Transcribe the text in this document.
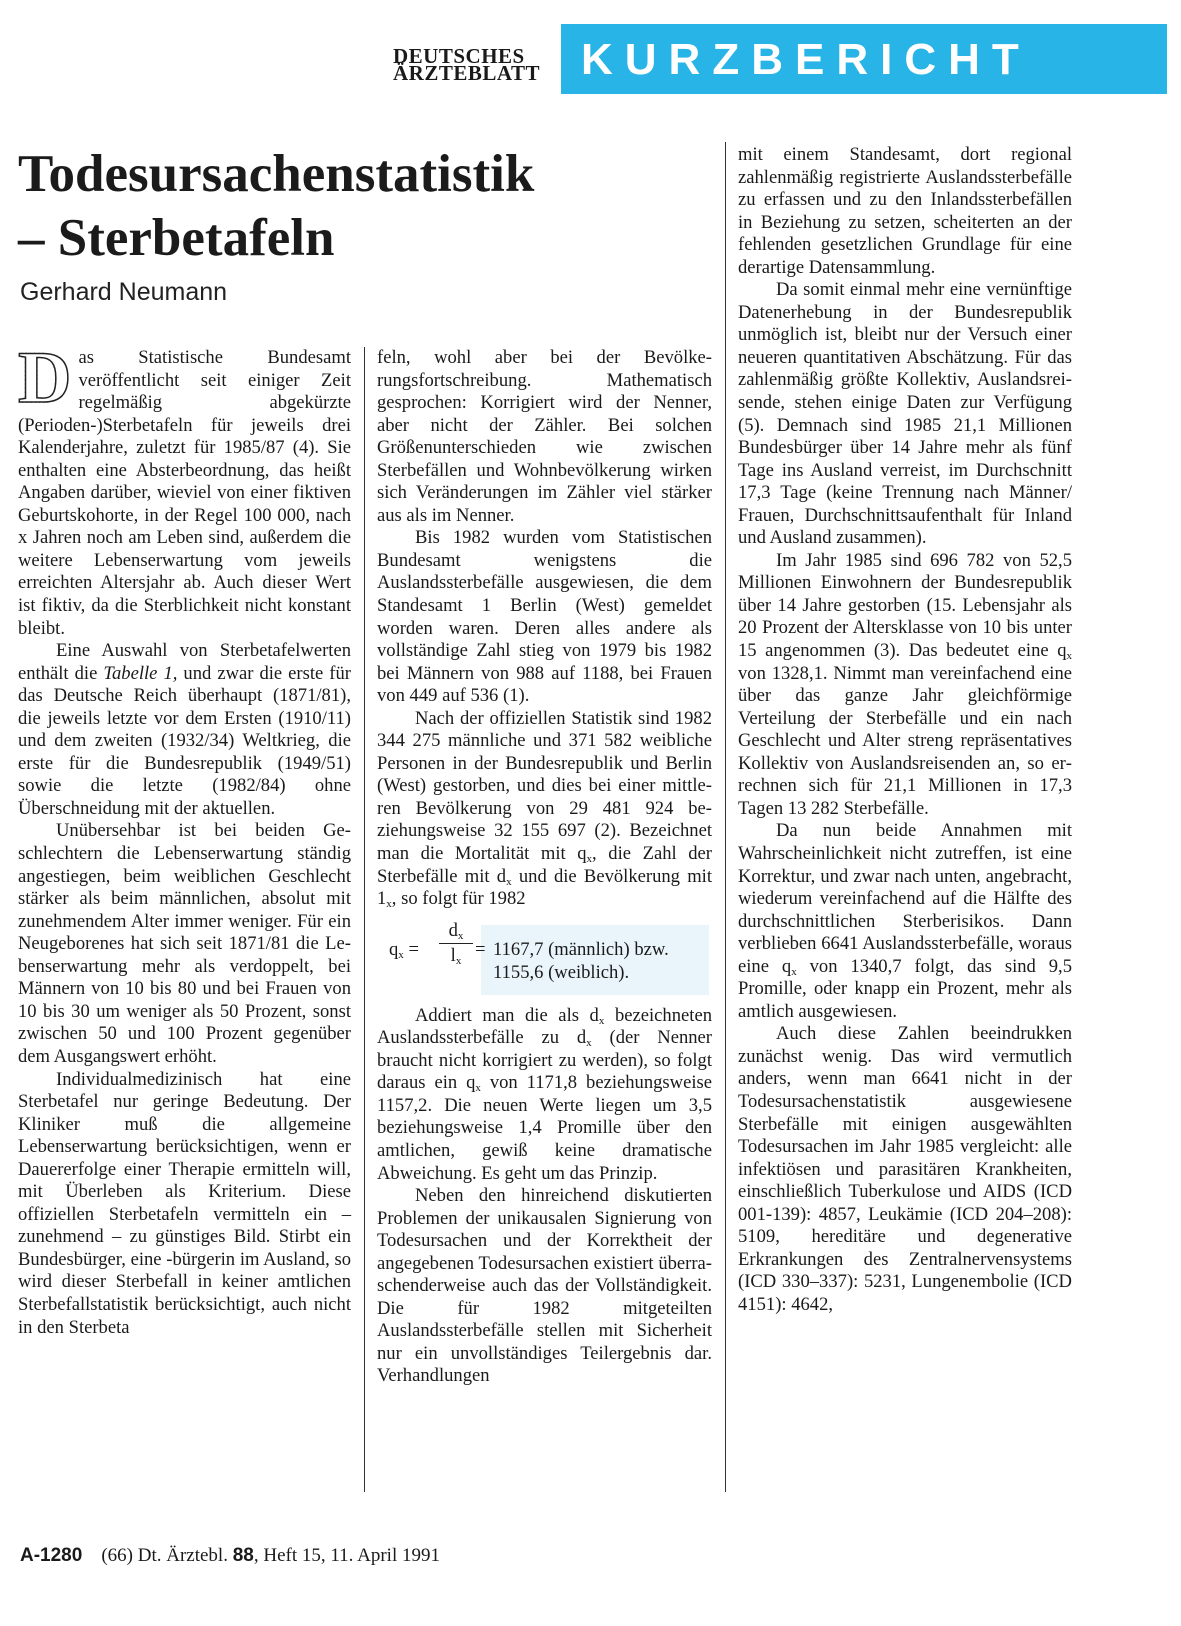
DEUTSCHES
ÄRZTEBLATT KURZBERICHT
Todesursachenstatistik
– Sterbetafeln
Gerhard Neumann

D as Statistische Bundesamt veröffentlicht seit einiger Zeit regelmäßig abgekürzte (Perioden-)Sterbetafeln für jeweils drei Kalenderjahre, zuletzt für 1985/87 (4). Sie enthalten eine Absterbeordnung, das heißt Angaben darüber, wieviel von einer fiktiven Geburtskohorte, in der Regel 100 000, nach x Jahren noch am Leben sind, außerdem die weitere Lebenserwartung vom jeweils erreichten Altersjahr ab. Auch dieser Wert ist fiktiv, da die Sterblichkeit nicht konstant bleibt.

Eine Auswahl von Sterbetafelwerten enthält die Tabelle 1, und zwar die erste für das Deutsche Reich überhaupt (1871/81), die jeweils letzte vor dem Ersten (1910/11) und dem zweiten (1932/34) Weltkrieg, die erste für die Bundesrepublik (1949/51) sowie die letzte (1982/84) ohne Überschneidung mit der aktuellen.

Unübersehbar ist bei beiden Geschlechtern die Lebenserwartung ständig angestiegen, beim weiblichen Geschlecht stärker als beim männlichen, absolut mit zunehmendem Alter immer weniger. Für ein Neugeborenes hat sich seit 1871/81 die Lebenserwartung mehr als verdoppelt, bei Männern von 10 bis 80 und bei Frauen von 10 bis 30 um weniger als 50 Prozent, sonst zwischen 50 und 100 Prozent gegenüber dem Ausgangswert erhöht.

Individualmedizinisch hat eine Sterbetafel nur geringe Bedeutung. Der Kliniker muß die allgemeine Lebenserwartung berücksichtigen, wenn er Dauererfolge einer Therapie ermitteln will, mit Überleben als Kriterium. Diese offiziellen Sterbetafeln vermitteln ein – zunehmend – zu günstiges Bild. Stirbt ein Bundesbürger, eine -bürgerin im Ausland, so wird dieser Sterbefall in keiner amtlichen Sterbefallstatistik berücksichtigt, auch nicht in den Sterbeta

feln, wohl aber bei der Bevölkerungsfortschreibung. Mathematisch gesprochen: Korrigiert wird der Nenner, aber nicht der Zähler. Bei solchen Größenunterschieden wie zwischen Sterbefällen und Wohnbevölkerung wirken sich Veränderungen im Zähler viel stärker aus als im Nenner.

Bis 1982 wurden vom Statistischen Bundesamt wenigstens die Auslandssterbefälle ausgewiesen, die dem Standesamt 1 Berlin (West) gemeldet worden waren. Deren alles andere als vollständige Zahl stieg von 1979 bis 1982 bei Männern von 988 auf 1188, bei Frauen von 449 auf 536 (1).

Nach der offiziellen Statistik sind 1982 344 275 männliche und 371 582 weibliche Personen in der Bundesrepublik und Berlin (West) gestorben, und dies bei einer mittleren Bevölkerung von 29 481 924 beziehungsweise 32 155 697 (2). Bezeichnet man die Mortalität mit $q_x$, die Zahl der Sterbefälle mit $d_x$ und die Bevölkerung mit $1_x$, so folgt für 1982

$q_x = \frac{d_x}{l_x} = 1167,7$ (männlich) bzw.
1155,6 (weiblich).

Addiert man die als $d_x$ bezeichneten Auslandssterbefälle zu $d_x$ (der Nenner braucht nicht korrigiert zu werden), so folgt daraus ein $q_x$ von 1171,8 beziehungsweise 1157,2. Die neuen Werte liegen um 3,5 beziehungsweise 1,4 Promille über den amtlichen, gewiß keine dramatische Abweichung. Es geht um das Prinzip.

Neben den hinreichend diskutierten Problemen der unikausalen Signierung von Todesursachen und der Korrektheit der angegebenen Todesursachen existiert überraschenderweise auch das der Vollständigkeit. Die für 1982 mitgeteilten Auslandssterbefälle stellen mit Sicherheit nur ein unvollständiges Teilergebnis dar. Verhandlungen

mit einem Standesamt, dort regional zahlenmäßig registrierte Auslandssterbefälle zu erfassen und zu den Inlandssterbefällen in Beziehung zu setzen, scheiterten an der fehlenden gesetzlichen Grundlage für eine derartige Datensammlung.

Da somit einmal mehr eine vernünftige Datenerhebung in der Bundesrepublik unmöglich ist, bleibt nur der Versuch einer neueren quantitativen Abschätzung. Für das zahlenmäßig größte Kollektiv, Auslandsreisende, stehen einige Daten zur Verfügung (5). Demnach sind 1985 21,1 Millionen Bundesbürger über 14 Jahre mehr als fünf Tage ins Ausland verreist, im Durchschnitt 17,3 Tage (keine Trennung nach Männer/ Frauen, Durchschnittsaufenthalt für Inland und Ausland zusammen).

Im Jahr 1985 sind 696 782 von 52,5 Millionen Einwohnern der Bundesrepublik über 14 Jahre gestorben (15. Lebensjahr als 20 Prozent der Altersklasse von 10 bis unter 15 angenommen (3). Das bedeutet eine $q_x$ von 1328,1. Nimmt man vereinfachend eine über das ganze Jahr gleichförmige Verteilung der Sterbefälle und ein nach Geschlecht und Alter streng repräsentatives Kollektiv von Auslandsreisenden an, so errechnen sich für 21,1 Millionen in 17,3 Tagen 13 282 Sterbefälle.

Da nun beide Annahmen mit Wahrscheinlichkeit nicht zutreffen, ist eine Korrektur, und zwar nach unten, angebracht, wiederum vereinfachend auf die Hälfte des durchschnittlichen Sterberisikos. Dann verblieben 6641 Auslandssterbefälle, woraus eine $q_x$ von 1340,7 folgt, das sind 9,5 Promille, oder knapp ein Prozent, mehr als amtlich ausgewiesen.

Auch diese Zahlen beeindrukken zunächst wenig. Das wird vermutlich anders, wenn man 6641 nicht in der Todesursachenstatistik ausgewiesene Sterbefälle mit einigen ausgewählten Todesursachen im Jahr 1985 vergleicht: alle infektiösen und parasitären Krankheiten, einschließlich Tuberkulose und AIDS (ICD 001-139): 4857, Leukämie (ICD 204–208): 5109, hereditäre und degenerative Erkrankungen des Zentralnervensystems (ICD 330–337): 5231, Lungenembolie (ICD 4151): 4642,

A-1280 (66) Dt. Ärztebl. 88, Heft 15, 11. April 1991
